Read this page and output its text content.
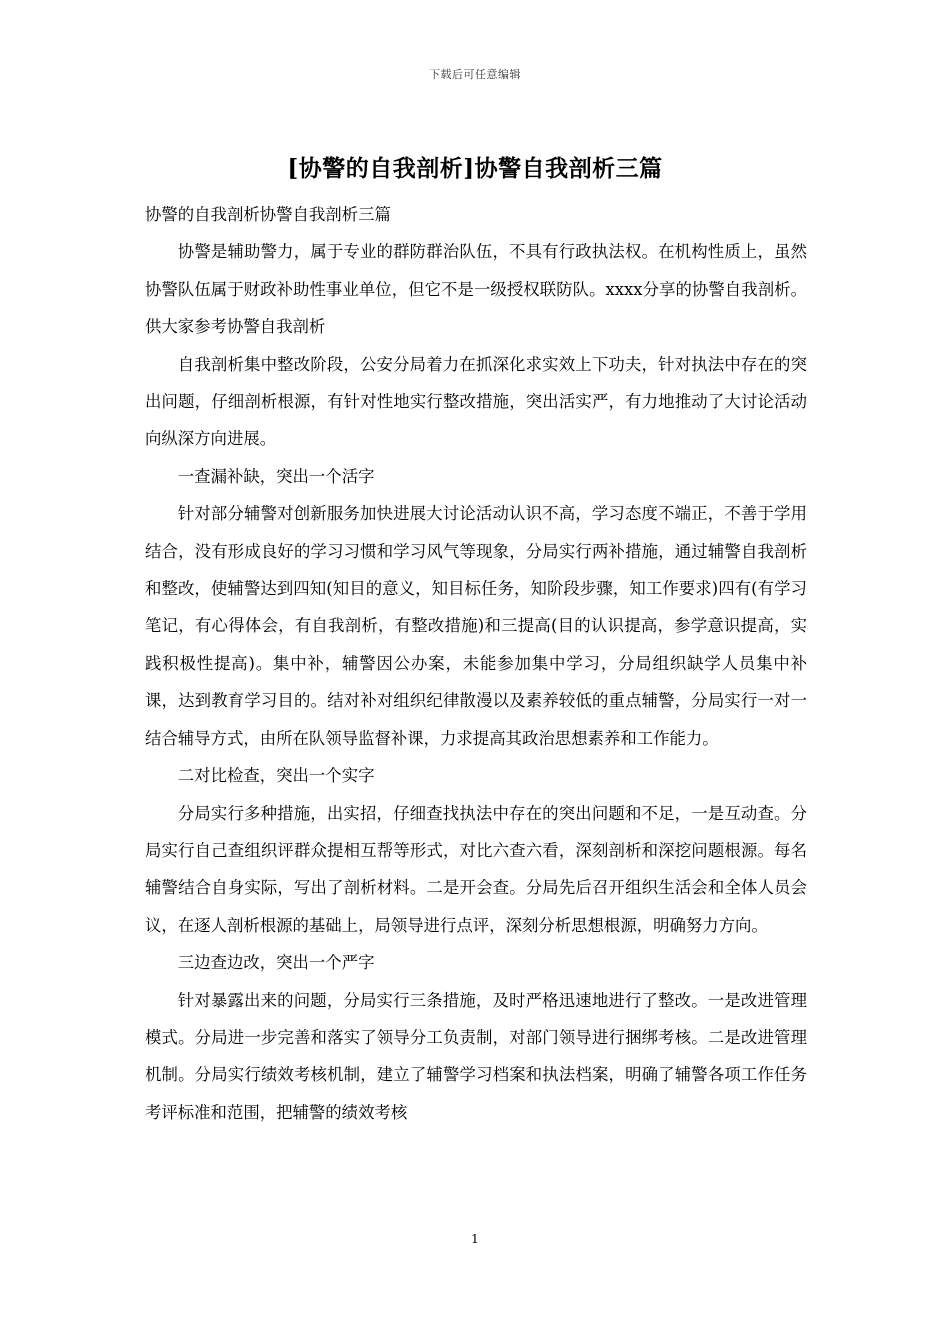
下载后可任意编辑
[协警的自我剖析]协警自我剖析三篇

协警的自我剖析协警自我剖析三篇

协警是辅助警力，属于专业的群防群治队伍，不具有行政执法权。在机构性质上，虽然协警队伍属于财政补助性事业单位，但它不是一级授权联防队。xxxx分享的协警自我剖析。供大家参考协警自我剖析

自我剖析集中整改阶段，公安分局着力在抓深化求实效上下功夫，针对执法中存在的突出问题，仔细剖析根源，有针对性地实行整改措施，突出活实严，有力地推动了大讨论活动向纵深方向进展。

一查漏补缺，突出一个活字

针对部分辅警对创新服务加快进展大讨论活动认识不高，学习态度不端正，不善于学用结合，没有形成良好的学习习惯和学习风气等现象，分局实行两补措施，通过辅警自我剖析和整改，使辅警达到四知(知目的意义，知目标任务，知阶段步骤，知工作要求)四有(有学习笔记，有心得体会，有自我剖析，有整改措施)和三提高(目的认识提高，参学意识提高，实践积极性提高)。集中补，辅警因公办案，未能参加集中学习，分局组织缺学人员集中补课，达到教育学习目的。结对补对组织纪律散漫以及素养较低的重点辅警，分局实行一对一结合辅导方式，由所在队领导监督补课，力求提高其政治思想素养和工作能力。

二对比检查，突出一个实字

分局实行多种措施，出实招，仔细查找执法中存在的突出问题和不足，一是互动查。分局实行自己查组织评群众提相互帮等形式，对比六查六看，深刻剖析和深挖问题根源。每名辅警结合自身实际，写出了剖析材料。二是开会查。分局先后召开组织生活会和全体人员会议，在逐人剖析根源的基础上，局领导进行点评，深刻分析思想根源，明确努力方向。

三边查边改，突出一个严字

针对暴露出来的问题，分局实行三条措施，及时严格迅速地进行了整改。一是改进管理模式。分局进一步完善和落实了领导分工负责制，对部门领导进行捆绑考核。二是改进管理机制。分局实行绩效考核机制，建立了辅警学习档案和执法档案，明确了辅警各项工作任务考评标准和范围，把辅警的绩效考核

1
